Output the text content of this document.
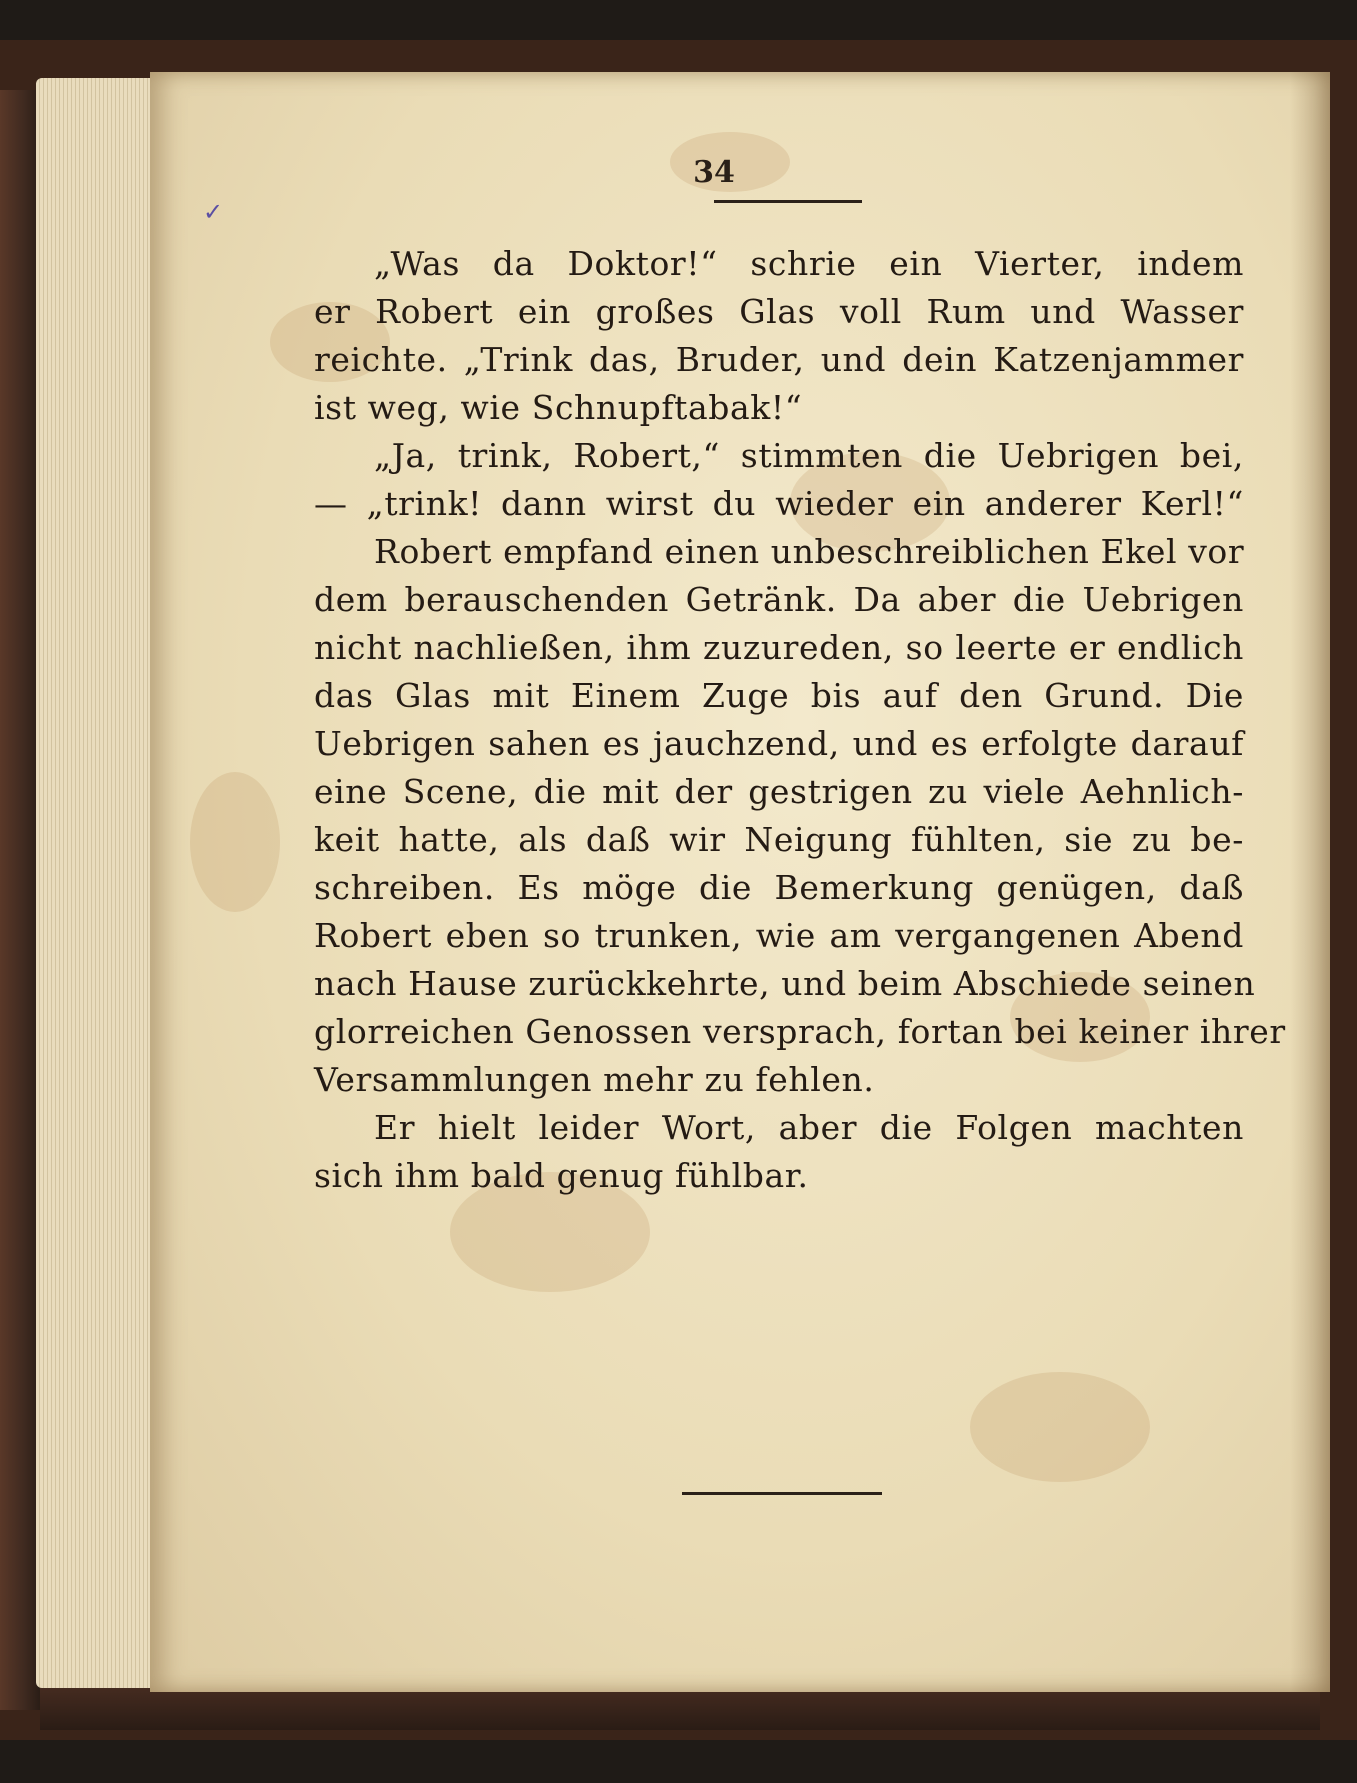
34
„Was da Doktor!“ schrie ein Vierter, indem
er Robert ein großes Glas voll Rum und Wasser
reichte. „Trink das, Bruder, und dein Katzenjammer
ist weg, wie Schnupftabak!“
„Ja, trink, Robert,“ stimmten die Uebrigen bei,
— „trink! dann wirst du wieder ein anderer Kerl!“
Robert empfand einen unbeschreiblichen Ekel vor
dem berauschenden Getränk. Da aber die Uebrigen
nicht nachließen, ihm zuzureden, so leerte er endlich
das Glas mit Einem Zuge bis auf den Grund. Die
Uebrigen sahen es jauchzend, und es erfolgte darauf
eine Scene, die mit der gestrigen zu viele Aehnlich-
keit hatte, als daß wir Neigung fühlten, sie zu be-
schreiben. Es möge die Bemerkung genügen, daß
Robert eben so trunken, wie am vergangenen Abend
nach Hause zurückkehrte, und beim Abschiede seinen
glorreichen Genossen versprach, fortan bei keiner ihrer
Versammlungen mehr zu fehlen.
Er hielt leider Wort, aber die Folgen machten
sich ihm bald genug fühlbar.
✓
